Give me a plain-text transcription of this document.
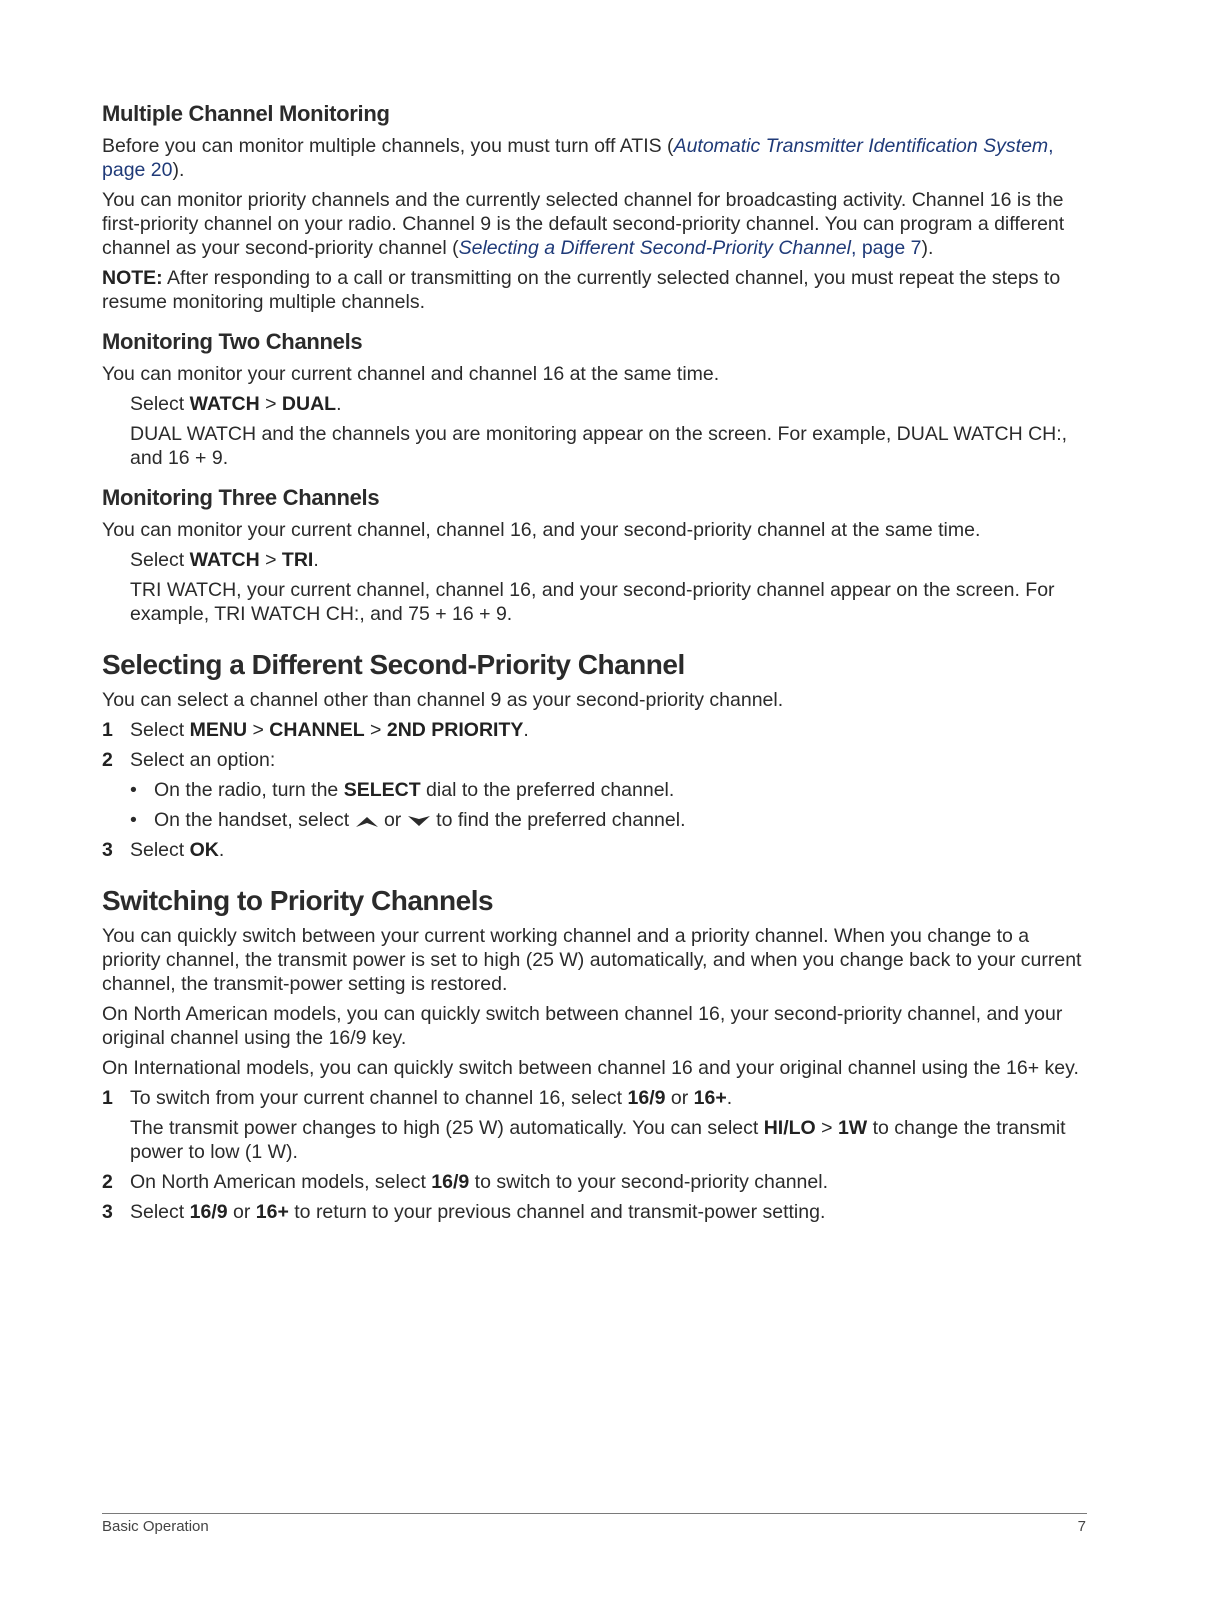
Multiple Channel Monitoring

Before you can monitor multiple channels, you must turn off ATIS (Automatic Transmitter Identification System, page 20).

You can monitor priority channels and the currently selected channel for broadcasting activity. Channel 16 is the first-priority channel on your radio. Channel 9 is the default second-priority channel. You can program a different channel as your second-priority channel (Selecting a Different Second-Priority Channel, page 7).

NOTE: After responding to a call or transmitting on the currently selected channel, you must repeat the steps to resume monitoring multiple channels.

Monitoring Two Channels

You can monitor your current channel and channel 16 at the same time.

Select WATCH > DUAL.

DUAL WATCH and the channels you are monitoring appear on the screen. For example, DUAL WATCH CH:, and 16 + 9.

Monitoring Three Channels

You can monitor your current channel, channel 16, and your second-priority channel at the same time.

Select WATCH > TRI.

TRI WATCH, your current channel, channel 16, and your second-priority channel appear on the screen. For example, TRI WATCH CH:, and 75 + 16 + 9.

Selecting a Different Second-Priority Channel

You can select a channel other than channel 9 as your second-priority channel.

1 Select MENU > CHANNEL > 2ND PRIORITY.

2 Select an option:

• On the radio, turn the SELECT dial to the preferred channel.

• On the handset, select  or  to find the preferred channel.

3 Select OK.

Switching to Priority Channels

You can quickly switch between your current working channel and a priority channel. When you change to a priority channel, the transmit power is set to high (25 W) automatically, and when you change back to your current channel, the transmit-power setting is restored.

On North American models, you can quickly switch between channel 16, your second-priority channel, and your original channel using the 16/9 key.

On International models, you can quickly switch between channel 16 and your original channel using the 16+ key.

1 To switch from your current channel to channel 16, select 16/9 or 16+.

The transmit power changes to high (25 W) automatically. You can select HI/LO > 1W to change the transmit power to low (1 W).

2 On North American models, select 16/9 to switch to your second-priority channel.

3 Select 16/9 or 16+ to return to your previous channel and transmit-power setting.

Basic Operation	7
